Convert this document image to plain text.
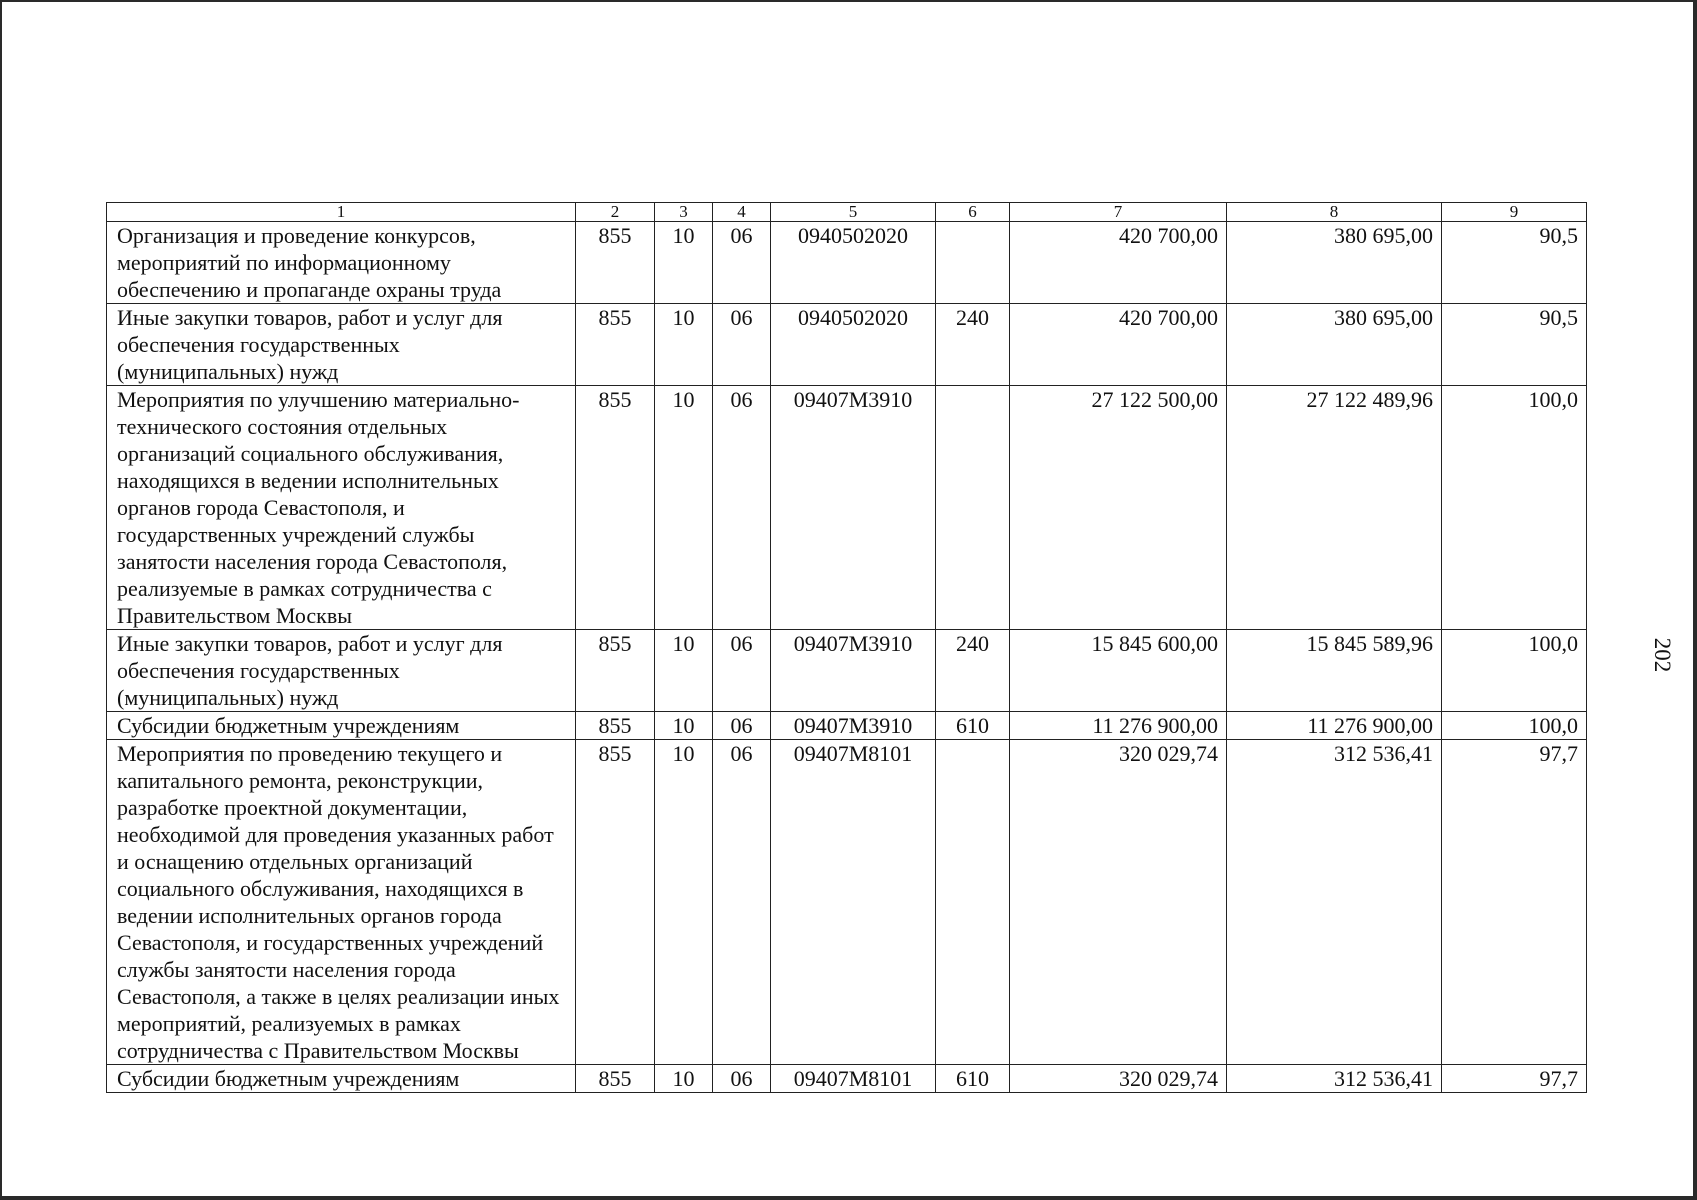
1	2	3	4	5	6	7	8	9
Организация и проведение конкурсов, мероприятий по информационному обеспечению и пропаганде охраны труда	855	10	06	0940502020		420 700,00	380 695,00	90,5
Иные закупки товаров, работ и услуг для обеспечения государственных (муниципальных) нужд	855	10	06	0940502020	240	420 700,00	380 695,00	90,5
Мероприятия по улучшению материально-технического состояния отдельных организаций социального обслуживания, находящихся в ведении исполнительных органов города Севастополя, и государственных учреждений службы занятости населения города Севастополя, реализуемые в рамках сотрудничества с Правительством Москвы	855	10	06	09407M3910		27 122 500,00	27 122 489,96	100,0
Иные закупки товаров, работ и услуг для обеспечения государственных (муниципальных) нужд	855	10	06	09407M3910	240	15 845 600,00	15 845 589,96	100,0
Субсидии бюджетным учреждениям	855	10	06	09407M3910	610	11 276 900,00	11 276 900,00	100,0
Мероприятия по проведению текущего и капитального ремонта, реконструкции, разработке проектной документации, необходимой для проведения указанных работ и оснащению отдельных организаций социального обслуживания, находящихся в ведении исполнительных органов города Севастополя, и государственных учреждений службы занятости населения города Севастополя, а также в целях реализации иных мероприятий, реализуемых в рамках сотрудничества с Правительством Москвы	855	10	06	09407M8101		320 029,74	312 536,41	97,7
Субсидии бюджетным учреждениям	855	10	06	09407M8101	610	320 029,74	312 536,41	97,7
202
